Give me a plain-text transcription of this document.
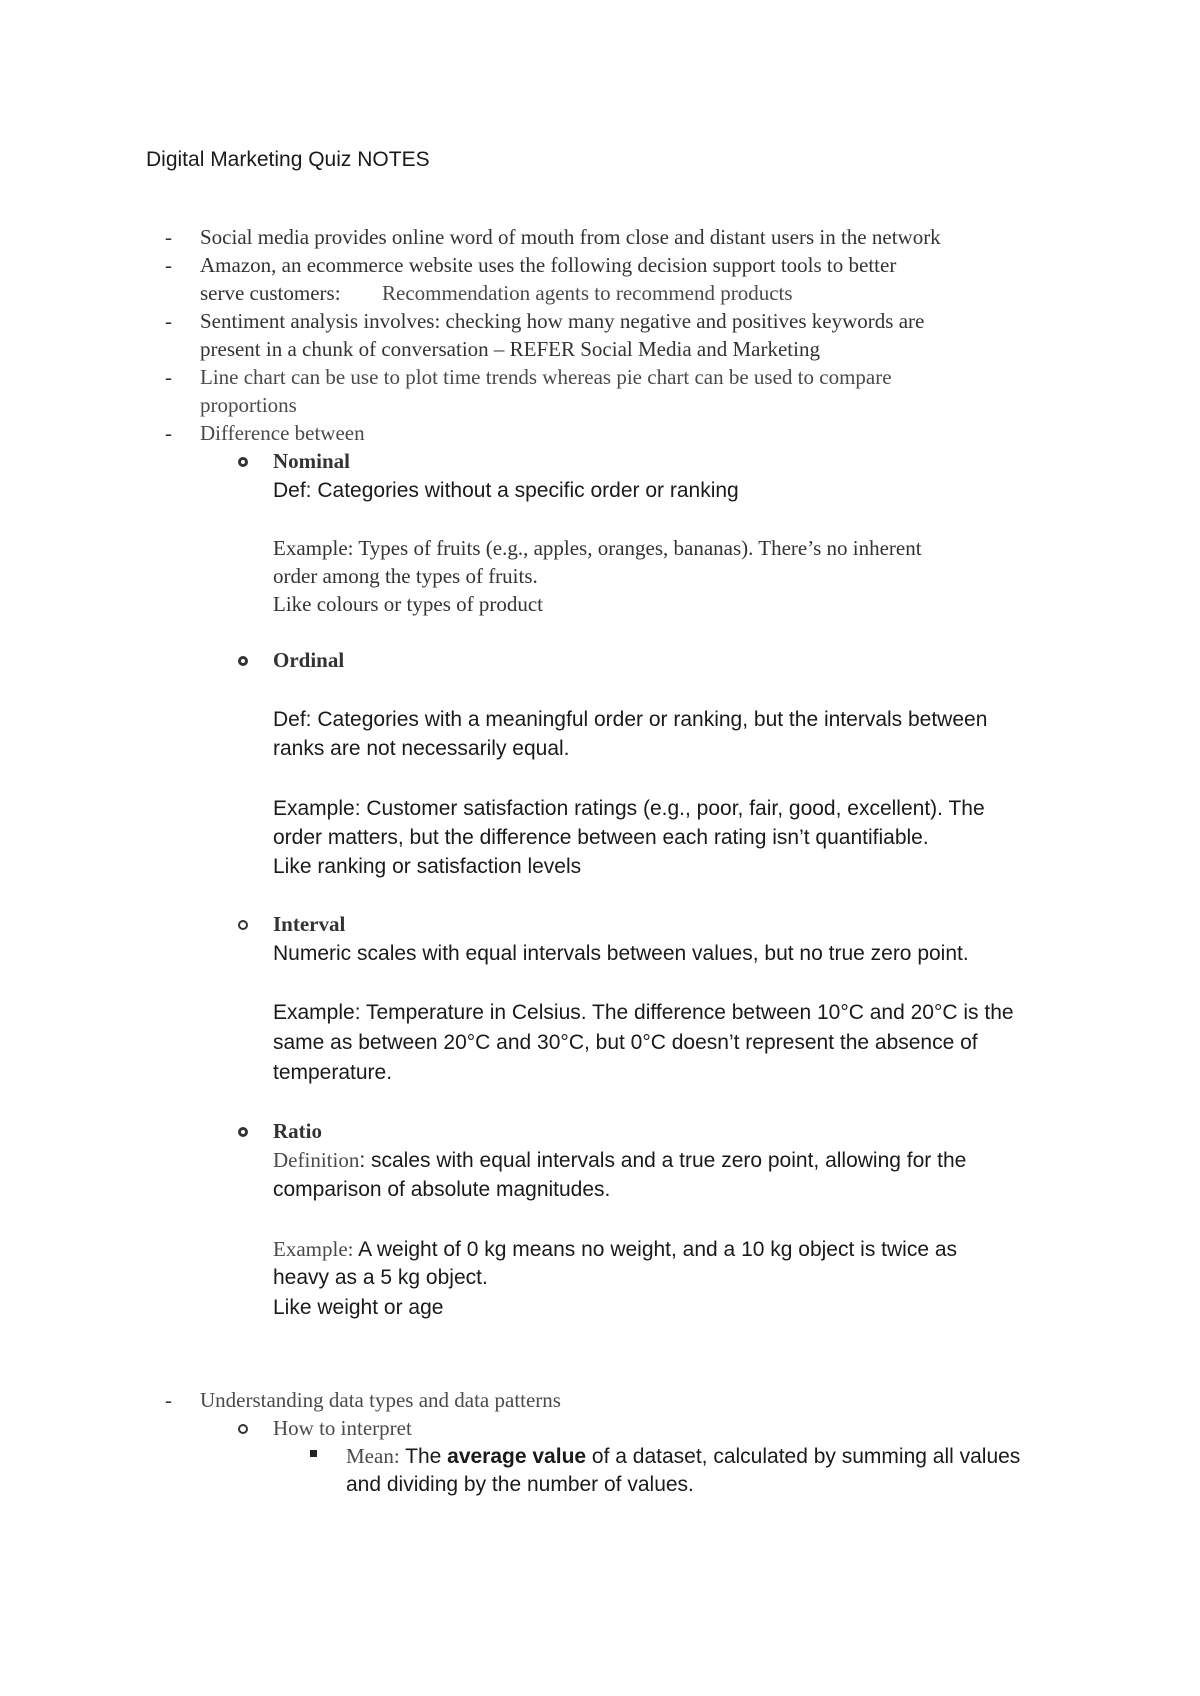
Digital Marketing Quiz NOTES
- Social media provides online word of mouth from close and distant users in the network
- Amazon, an ecommerce website uses the following decision support tools to better
serve customers: Recommendation agents to recommend products
- Sentiment analysis involves: checking how many negative and positives keywords are
present in a chunk of conversation – REFER Social Media and Marketing
- Line chart can be use to plot time trends whereas pie chart can be used to compare
proportions
- Difference between
Nominal
Def: Categories without a specific order or ranking
Example: Types of fruits (e.g., apples, oranges, bananas). There’s no inherent
order among the types of fruits.
Like colours or types of product
Ordinal
Def: Categories with a meaningful order or ranking, but the intervals between
ranks are not necessarily equal.
Example: Customer satisfaction ratings (e.g., poor, fair, good, excellent). The
order matters, but the difference between each rating isn’t quantifiable.
Like ranking or satisfaction levels
Interval
Numeric scales with equal intervals between values, but no true zero point.
Example: Temperature in Celsius. The difference between 10°C and 20°C is the
same as between 20°C and 30°C, but 0°C doesn’t represent the absence of
temperature.
Ratio
Definition: scales with equal intervals and a true zero point, allowing for the
comparison of absolute magnitudes.
Example: A weight of 0 kg means no weight, and a 10 kg object is twice as
heavy as a 5 kg object.
Like weight or age
- Understanding data types and data patterns
How to interpret
Mean: The average value of a dataset, calculated by summing all values
and dividing by the number of values.
